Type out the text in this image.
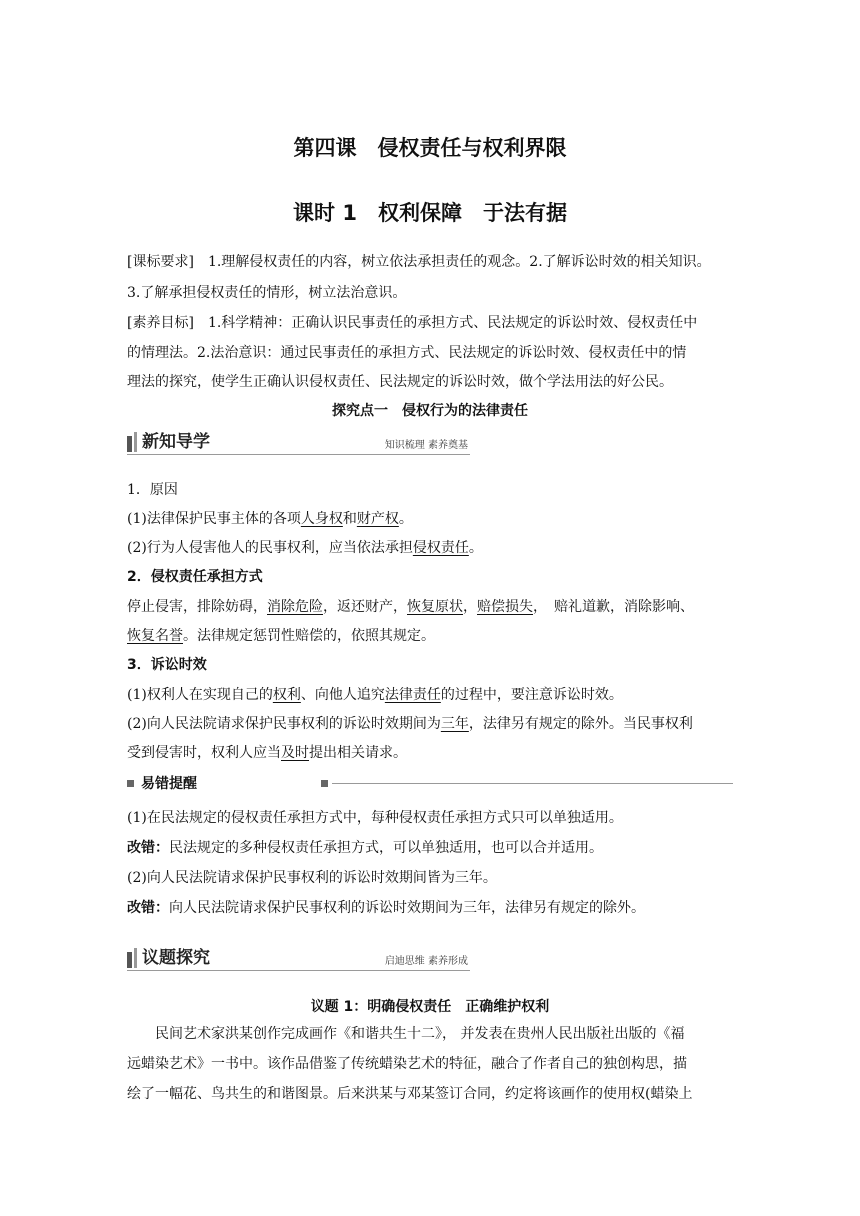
第四课　侵权责任与权利界限
课时 1　权利保障　于法有据
[课标要求]　 1.理解侵权责任的内容，树立依法承担责任的观念。2.了解诉讼时效的相关知识。
3.了解承担侵权责任的情形，树立法治意识。
[素养目标]　 1.科学精神：正确认识民事责任的承担方式、民法规定的诉讼时效、侵权责任中
的情理法。2.法治意识：通过民事责任的承担方式、民法规定的诉讼时效、侵权责任中的情
理法的探究，使学生正确认识侵权责任、民法规定的诉讼时效，做个学法用法的好公民。
探究点一　侵权行为的法律责任
新知导学	知识梳理 素养奠基
1．原因
(1)法律保护民事主体的各项人身权和财产权。
(2)行为人侵害他人的民事权利，应当依法承担侵权责任。
2．侵权责任承担方式
停止侵害，排除妨碍，消除危险，返还财产，恢复原状，赔偿损失，　赔礼道歉，消除影响、
恢复名誉。法律规定惩罚性赔偿的，依照其规定。
3．诉讼时效
(1)权利人在实现自己的权利、向他人追究法律责任的过程中，要注意诉讼时效。
(2)向人民法院请求保护民事权利的诉讼时效期间为三年，法律另有规定的除外。当民事权利
受到侵害时，权利人应当及时提出相关请求。
易错提醒
(1)在民法规定的侵权责任承担方式中，每种侵权责任承担方式只可以单独适用。
改错：民法规定的多种侵权责任承担方式，可以单独适用，也可以合并适用。
(2)向人民法院请求保护民事权利的诉讼时效期间皆为三年。
改错：向人民法院请求保护民事权利的诉讼时效期间为三年，法律另有规定的除外。
议题探究	启迪思维 素养形成
议题 1：明确侵权责任　正确维护权利
民间艺术家洪某创作完成画作《和谐共生十二》， 并发表在贵州人民出版社出版的《福
远蜡染艺术》一书中。该作品借鉴了传统蜡染艺术的特征，融合了作者自己的独创构思，描
绘了一幅花、鸟共生的和谐图景。后来洪某与邓某签订合同，约定将该画作的使用权(蜡染上
